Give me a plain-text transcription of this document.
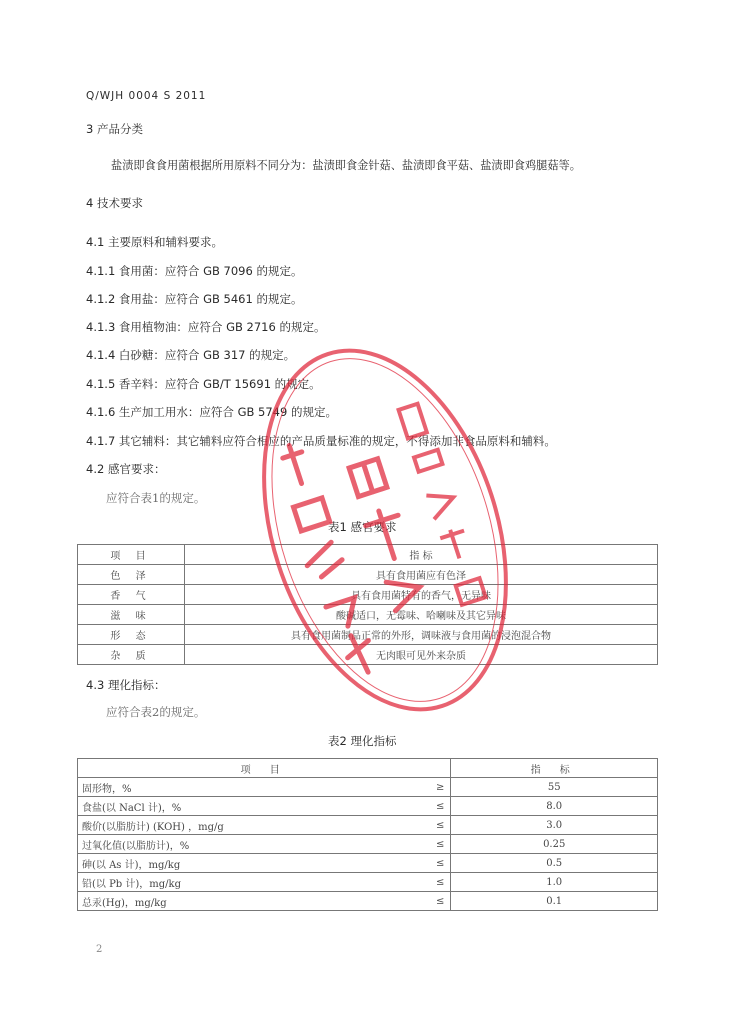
Q/WJH 0004 S 2011
3 产品分类
盐渍即食食用菌根据所用原料不同分为：盐渍即食金针菇、盐渍即食平菇、盐渍即食鸡腿菇等。
4 技术要求
4.1 主要原料和辅料要求。
4.1.1 食用菌：应符合 GB 7096 的规定。
4.1.2 食用盐：应符合 GB 5461 的规定。
4.1.3 食用植物油：应符合 GB 2716 的规定。
4.1.4 白砂糖：应符合 GB 317 的规定。
4.1.5 香辛料：应符合 GB/T 15691 的规定。
4.1.6 生产加工用水：应符合 GB 5749 的规定。
4.1.7 其它辅料：其它辅料应符合相应的产品质量标准的规定，不得添加非食品原料和辅料。
4.2 感官要求：
应符合表1的规定。
表1 感官要求
项 目	指 标
色 泽	具有食用菌应有色泽
香 气	具有食用菌特有的香气，无异味
滋 味	酸碱适口，无霉味、哈喇味及其它异味
形 态	具有食用菌制品正常的外形，调味液与食用菌的浸泡混合物
杂 质	无肉眼可见外来杂质
4.3 理化指标：
应符合表2的规定。
表2 理化指标
项 目		指 标
固形物，%	≥	55
食盐(以 NaCl 计)，%	≤	8.0
酸价(以脂肪计) (KOH) ，mg/g	≤	3.0
过氧化值(以脂肪计)，%	≤	0.25
砷(以 As 计)，mg/kg	≤	0.5
铅(以 Pb 计)，mg/kg	≤	1.0
总汞(Hg)，mg/kg	≤	0.1
2
